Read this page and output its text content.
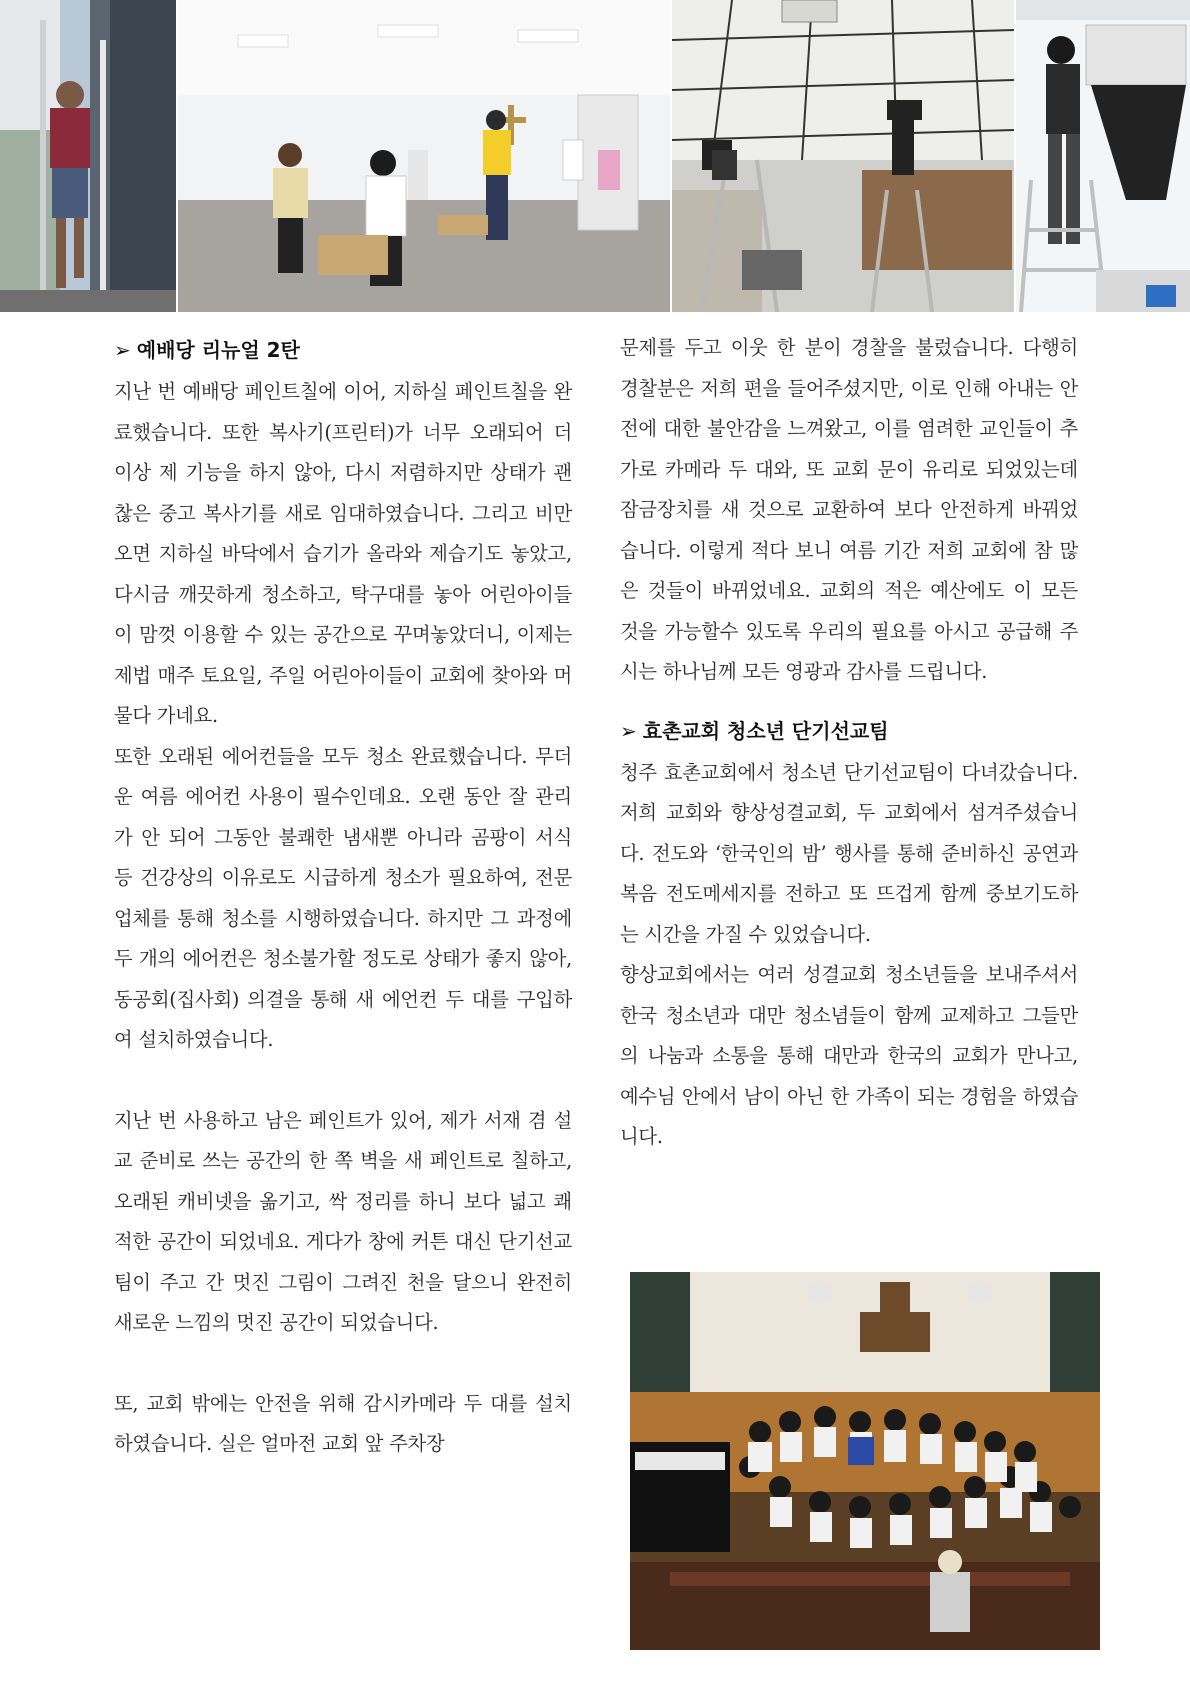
➢ 예배당 리뉴얼 2탄

지난 번 예배당 페인트칠에 이어, 지하실 페인트칠을 완료했습니다. 또한 복사기(프린터)가 너무 오래되어 더 이상 제 기능을 하지 않아, 다시 저렴하지만 상태가 괜찮은 중고 복사기를 새로 임대하였습니다. 그리고 비만오면 지하실 바닥에서 습기가 올라와 제습기도 놓았고, 다시금 깨끗하게 청소하고, 탁구대를 놓아 어린아이들이 맘껏 이용할 수 있는 공간으로 꾸며놓았더니, 이제는 제법 매주 토요일, 주일 어린아이들이 교회에 찾아와 머물다 가네요.

또한 오래된 에어컨들을 모두 청소 완료했습니다. 무더운 여름 에어컨 사용이 필수인데요. 오랜 동안 잘 관리가 안 되어 그동안 불쾌한 냄새뿐 아니라 곰팡이 서식 등 건강상의 이유로도 시급하게 청소가 필요하여, 전문업체를 통해 청소를 시행하였습니다. 하지만 그 과정에 두 개의 에어컨은 청소불가할 정도로 상태가 좋지 않아, 동공회(집사회) 의결을 통해 새 에언컨 두 대를 구입하여 설치하였습니다.

지난 번 사용하고 남은 페인트가 있어, 제가 서재 겸 설교 준비로 쓰는 공간의 한 쪽 벽을 새 페인트로 칠하고, 오래된 캐비넷을 옮기고, 싹 정리를 하니 보다 넓고 쾌적한 공간이 되었네요. 게다가 창에 커튼 대신 단기선교팀이 주고 간 멋진 그림이 그려진 천을 달으니 완전히 새로운 느낌의 멋진 공간이 되었습니다.

또, 교회 밖에는 안전을 위해 감시카메라 두 대를 설치하였습니다. 실은 얼마전 교회 앞 주차장

문제를 두고 이웃 한 분이 경찰을 불렀습니다. 다행히 경찰분은 저희 편을 들어주셨지만, 이로 인해 아내는 안전에 대한 불안감을 느껴왔고, 이를 염려한 교인들이 추가로 카메라 두 대와, 또 교회 문이 유리로 되었있는데 잠금장치를 새 것으로 교환하여 보다 안전하게 바꿔었습니다. 이렇게 적다 보니 여름 기간 저희 교회에 참 많은 것들이 바뀌었네요. 교회의 적은 예산에도 이 모든 것을 가능할수 있도록 우리의 필요를 아시고 공급해 주시는 하나님께 모든 영광과 감사를 드립니다.

➢ 효촌교회 청소년 단기선교팀

청주 효촌교회에서 청소년 단기선교팀이 다녀갔습니다. 저희 교회와 향상성결교회, 두 교회에서 섬겨주셨습니다. 전도와 ‘한국인의 밤’ 행사를 통해 준비하신 공연과 복음 전도메세지를 전하고 또 뜨겁게 함께 중보기도하는 시간을 가질 수 있었습니다.

향상교회에서는 여러 성결교회 청소년들을 보내주셔서 한국 청소년과 대만 청소념들이 함께 교제하고 그들만의 나눔과 소통을 통해 대만과 한국의 교회가 만나고, 예수님 안에서 남이 아닌 한 가족이 되는 경험을 하였습니다.
